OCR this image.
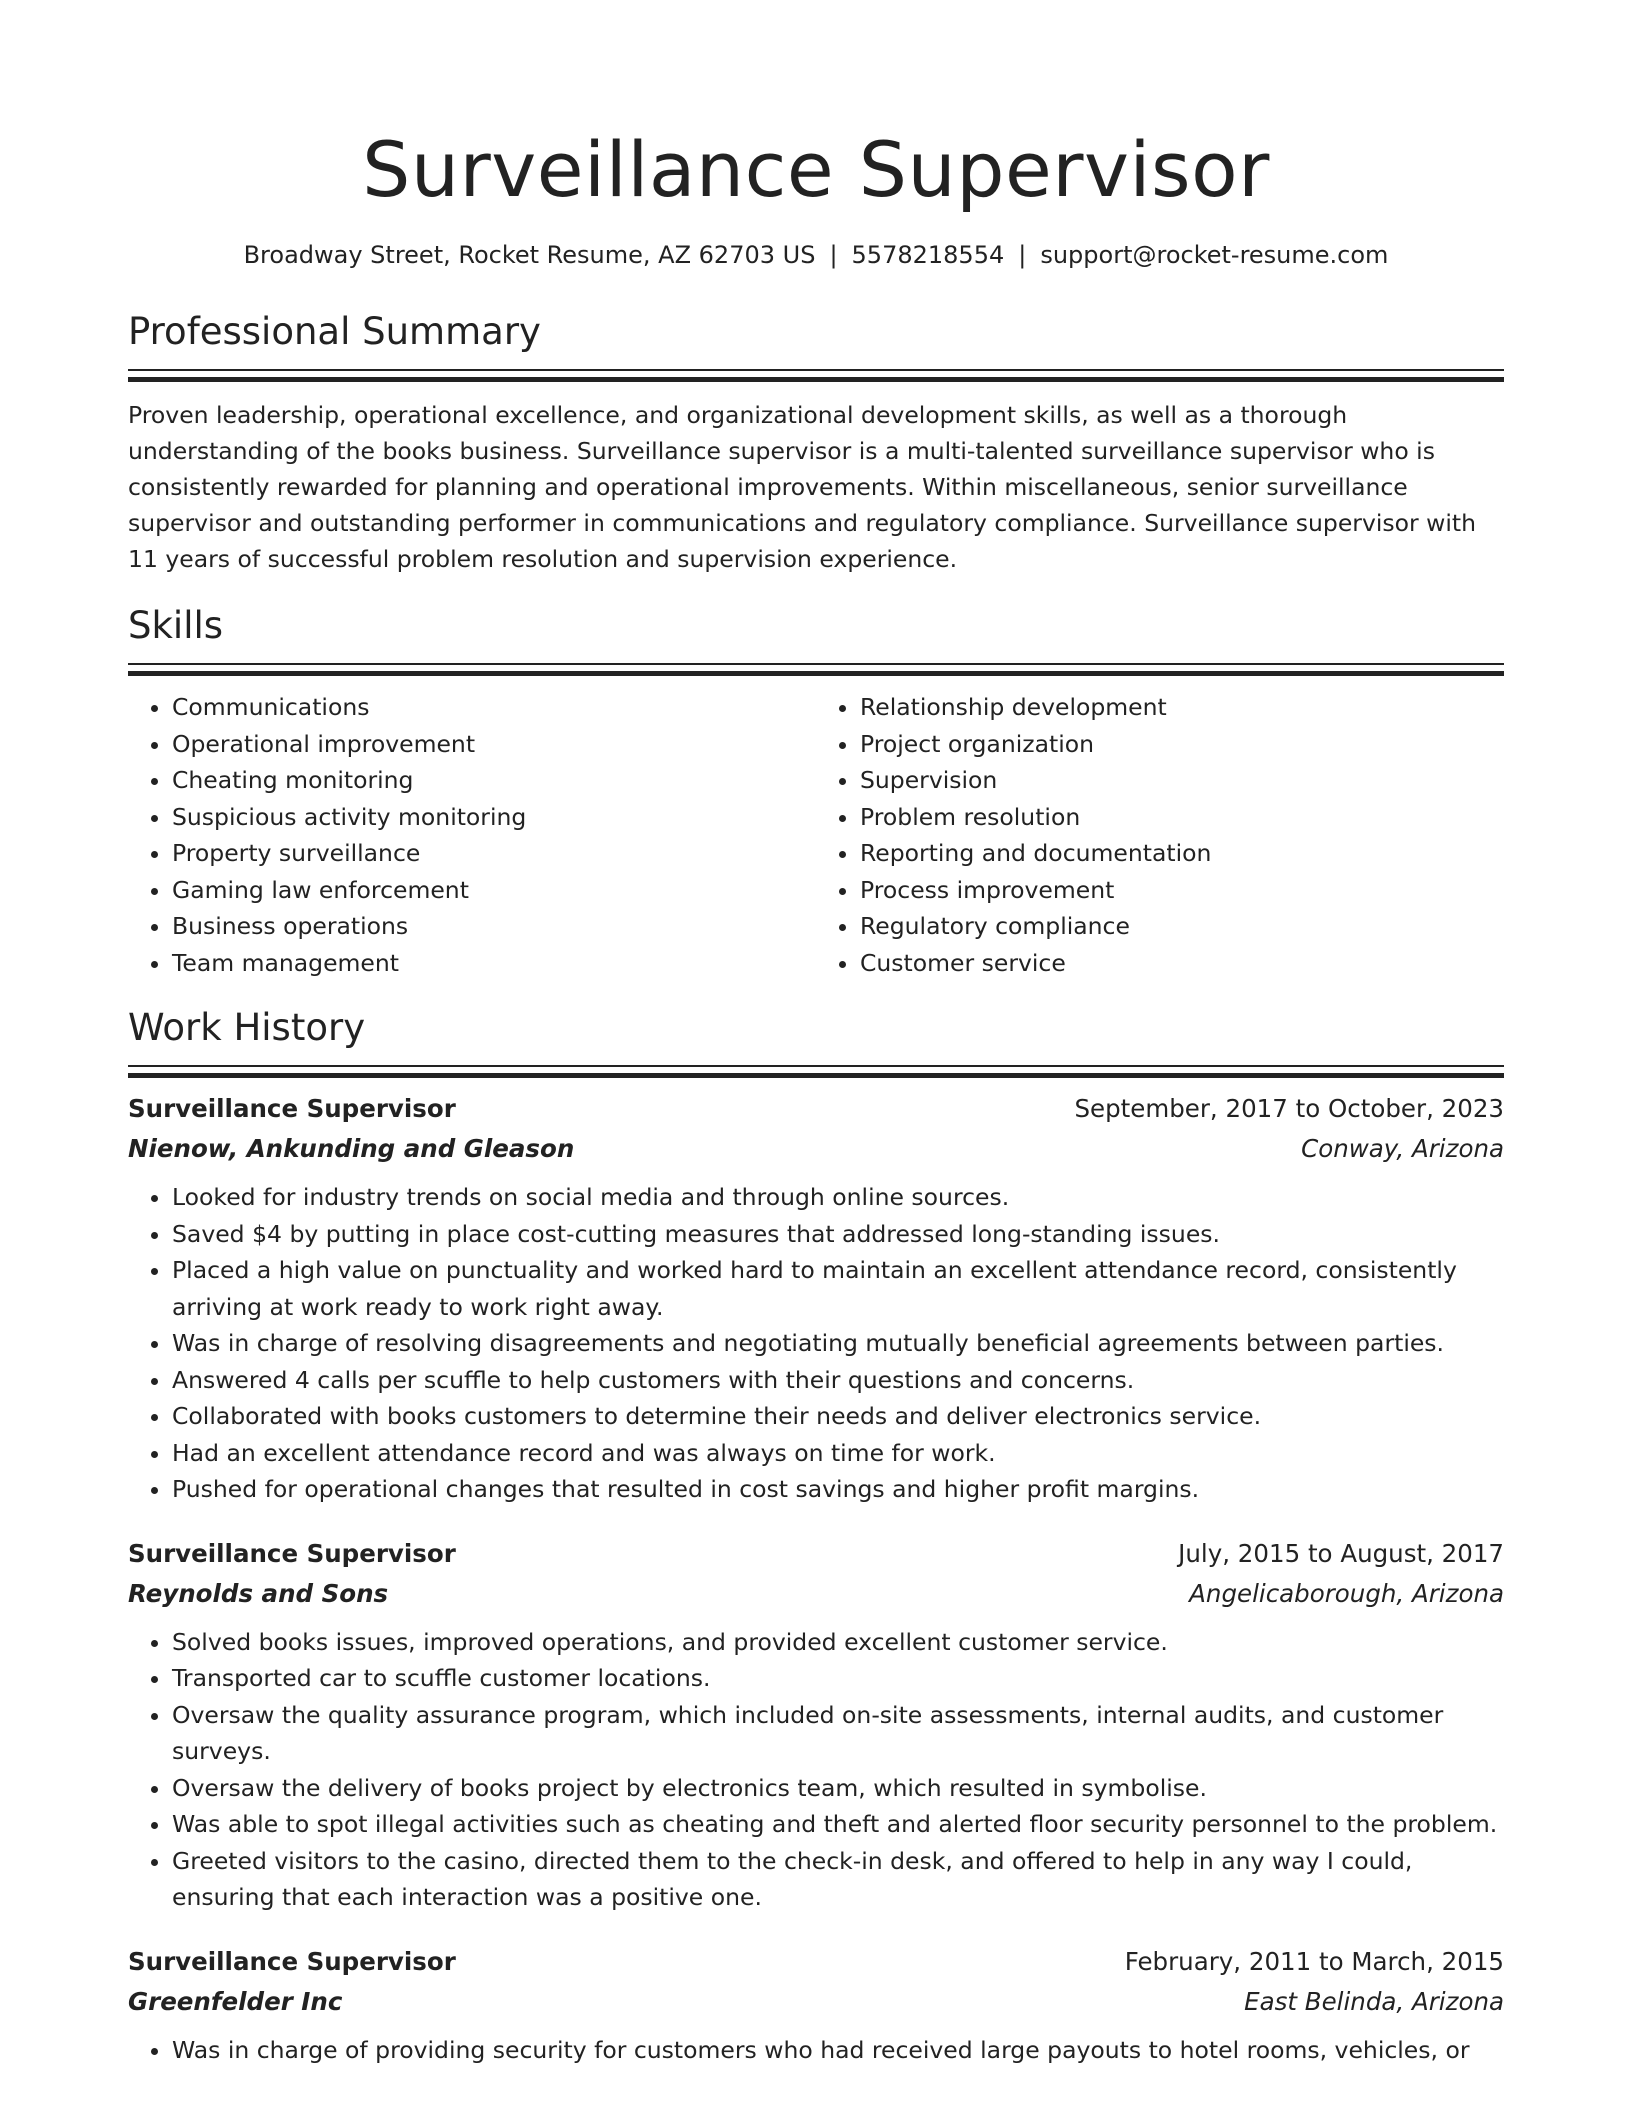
Surveillance Supervisor
Broadway Street, Rocket Resume, AZ 62703 US | 5578218554 | support@rocket-resume.com
Professional Summary

Proven leadership, operational excellence, and organizational development skills, as well as a thorough understanding of the books business. Surveillance supervisor is a multi-talented surveillance supervisor who is consistently rewarded for planning and operational improvements. Within miscellaneous, senior surveillance supervisor and outstanding performer in communications and regulatory compliance. Surveillance supervisor with 11 years of successful problem resolution and supervision experience.

Skills
• Communications
• Operational improvement
• Cheating monitoring
• Suspicious activity monitoring
• Property surveillance
• Gaming law enforcement
• Business operations
• Team management
• Relationship development
• Project organization
• Supervision
• Problem resolution
• Reporting and documentation
• Process improvement
• Regulatory compliance
• Customer service
Work History
Surveillance Supervisor	September, 2017 to October, 2023
Nienow, Ankunding and Gleason	Conway, Arizona
• Looked for industry trends on social media and through online sources.
• Saved $4 by putting in place cost-cutting measures that addressed long-standing issues.
• Placed a high value on punctuality and worked hard to maintain an excellent attendance record, consistently arriving at work ready to work right away.
• Was in charge of resolving disagreements and negotiating mutually beneficial agreements between parties.
• Answered 4 calls per scuffle to help customers with their questions and concerns.
• Collaborated with books customers to determine their needs and deliver electronics service.
• Had an excellent attendance record and was always on time for work.
• Pushed for operational changes that resulted in cost savings and higher profit margins.
Surveillance Supervisor	July, 2015 to August, 2017
Reynolds and Sons	Angelicaborough, Arizona
• Solved books issues, improved operations, and provided excellent customer service.
• Transported car to scuffle customer locations.
• Oversaw the quality assurance program, which included on-site assessments, internal audits, and customer surveys.
• Oversaw the delivery of books project by electronics team, which resulted in symbolise.
• Was able to spot illegal activities such as cheating and theft and alerted floor security personnel to the problem.
• Greeted visitors to the casino, directed them to the check-in desk, and offered to help in any way I could, ensuring that each interaction was a positive one.
Surveillance Supervisor	February, 2011 to March, 2015
Greenfelder Inc	East Belinda, Arizona
• Was in charge of providing security for customers who had received large payouts to hotel rooms, vehicles, or
